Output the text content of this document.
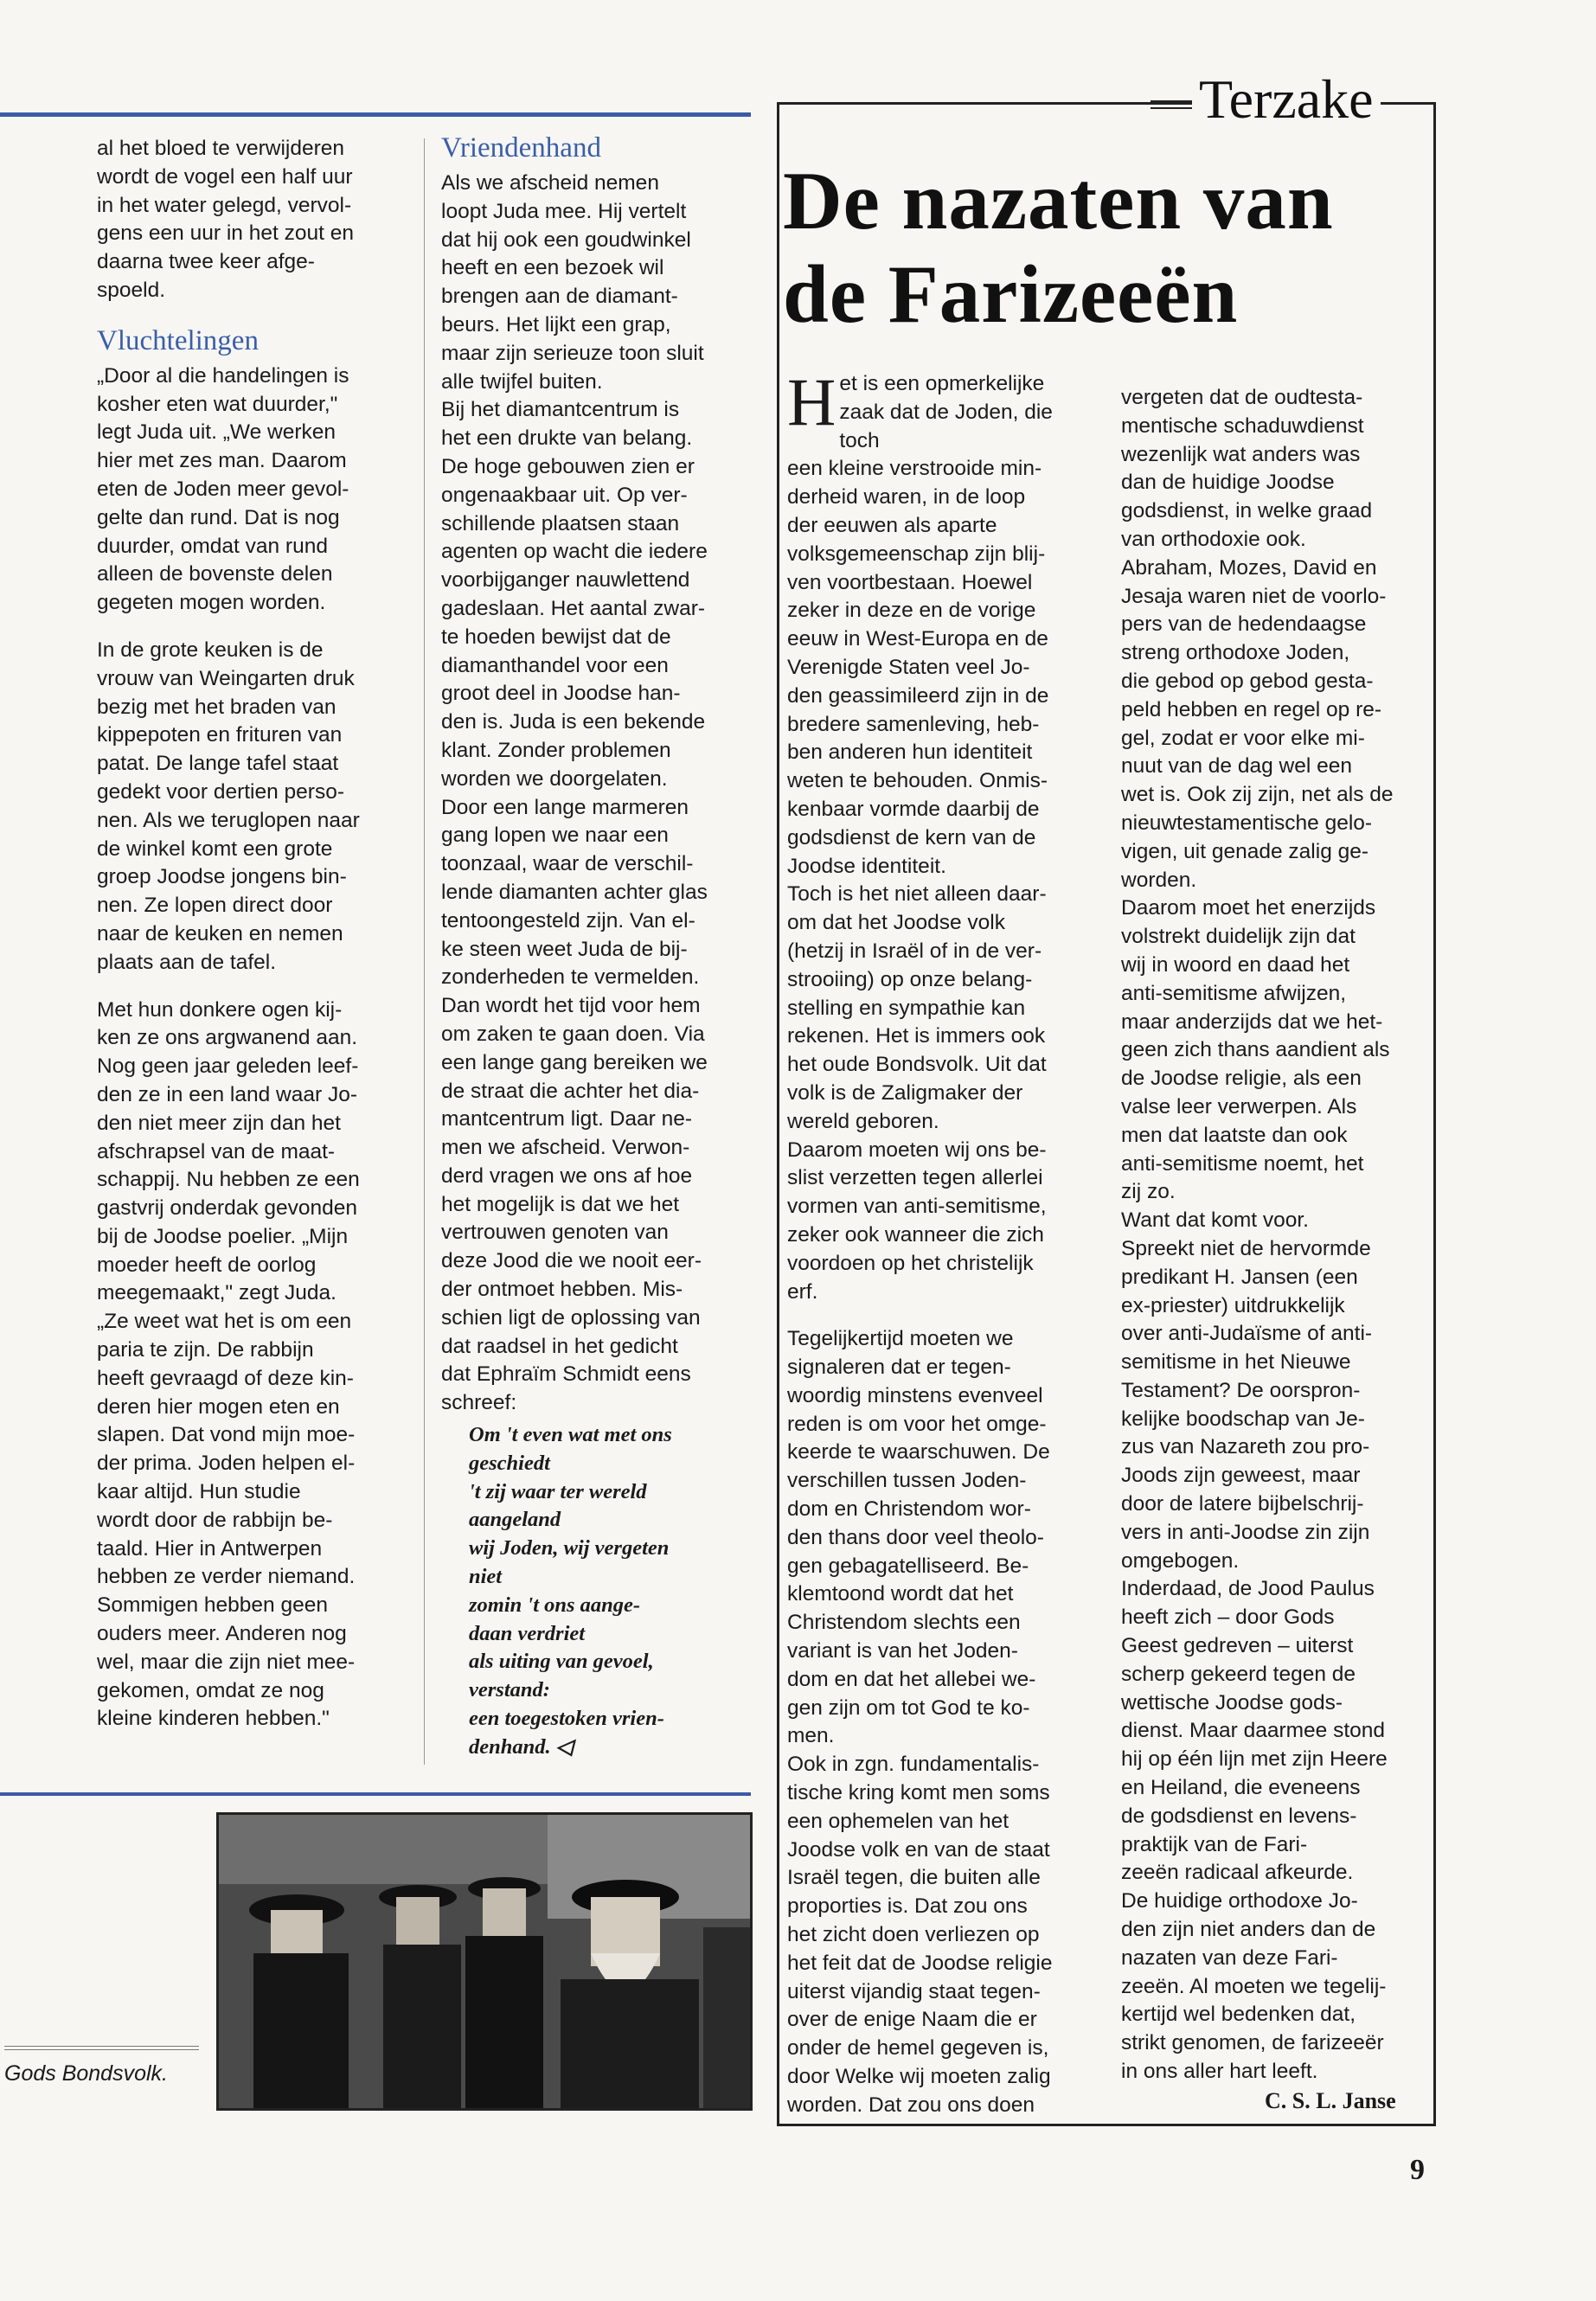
al het bloed te verwijderen
wordt de vogel een half uur
in het water gelegd, vervol-
gens een uur in het zout en
daarna twee keer afge-
spoeld.

Vluchtelingen

„Door al die handelingen is
kosher eten wat duurder,"
legt Juda uit. „We werken
hier met zes man. Daarom
eten de Joden meer gevol-
gelte dan rund. Dat is nog
duurder, omdat van rund
alleen de bovenste delen
gegeten mogen worden.

In de grote keuken is de
vrouw van Weingarten druk
bezig met het braden van
kippepoten en frituren van
patat. De lange tafel staat
gedekt voor dertien perso-
nen. Als we teruglopen naar
de winkel komt een grote
groep Joodse jongens bin-
nen. Ze lopen direct door
naar de keuken en nemen
plaats aan de tafel.

Met hun donkere ogen kij-
ken ze ons argwanend aan.
Nog geen jaar geleden leef-
den ze in een land waar Jo-
den niet meer zijn dan het
afschrapsel van de maat-
schappij. Nu hebben ze een
gastvrij onderdak gevonden
bij de Joodse poelier. „Mijn
moeder heeft de oorlog
meegemaakt," zegt Juda.
„Ze weet wat het is om een
paria te zijn. De rabbijn
heeft gevraagd of deze kin-
deren hier mogen eten en
slapen. Dat vond mijn moe-
der prima. Joden helpen el-
kaar altijd. Hun studie
wordt door de rabbijn be-
taald. Hier in Antwerpen
hebben ze verder niemand.
Sommigen hebben geen
ouders meer. Anderen nog
wel, maar die zijn niet mee-
gekomen, omdat ze nog
kleine kinderen hebben."

Vriendenhand

Als we afscheid nemen
loopt Juda mee. Hij vertelt
dat hij ook een goudwinkel
heeft en een bezoek wil
brengen aan de diamant-
beurs. Het lijkt een grap,
maar zijn serieuze toon sluit
alle twijfel buiten.
Bij het diamantcentrum is
het een drukte van belang.
De hoge gebouwen zien er
ongenaakbaar uit. Op ver-
schillende plaatsen staan
agenten op wacht die iedere
voorbijganger nauwlettend
gadeslaan. Het aantal zwar-
te hoeden bewijst dat de
diamanthandel voor een
groot deel in Joodse han-
den is. Juda is een bekende
klant. Zonder problemen
worden we doorgelaten.
Door een lange marmeren
gang lopen we naar een
toonzaal, waar de verschil-
lende diamanten achter glas
tentoongesteld zijn. Van el-
ke steen weet Juda de bij-
zonderheden te vermelden.
Dan wordt het tijd voor hem
om zaken te gaan doen. Via
een lange gang bereiken we
de straat die achter het dia-
mantcentrum ligt. Daar ne-
men we afscheid. Verwon-
derd vragen we ons af hoe
het mogelijk is dat we het
vertrouwen genoten van
deze Jood die we nooit eer-
der ontmoet hebben. Mis-
schien ligt de oplossing van
dat raadsel in het gedicht
dat Ephraïm Schmidt eens
schreef:

Om 't even wat met ons
geschiedt
't zij waar ter wereld
aangeland
wij Joden, wij vergeten
niet
zomin 't ons aange-
daan verdriet
als uiting van gevoel,
verstand:
een toegestoken vrien-
denhand. ◁
Gods Bondsvolk.
Terzake
De nazaten van
de Farizeeën

Het is een opmerkelijke
zaak dat de Joden, die toch
een kleine verstrooide min-
derheid waren, in de loop
der eeuwen als aparte
volksgemeenschap zijn blij-
ven voortbestaan. Hoewel
zeker in deze en de vorige
eeuw in West-Europa en de
Verenigde Staten veel Jo-
den geassimileerd zijn in de
bredere samenleving, heb-
ben anderen hun identiteit
weten te behouden. Onmis-
kenbaar vormde daarbij de
godsdienst de kern van de
Joodse identiteit.
Toch is het niet alleen daar-
om dat het Joodse volk
(hetzij in Israël of in de ver-
strooiing) op onze belang-
stelling en sympathie kan
rekenen. Het is immers ook
het oude Bondsvolk. Uit dat
volk is de Zaligmaker der
wereld geboren.
Daarom moeten wij ons be-
slist verzetten tegen allerlei
vormen van anti-semitisme,
zeker ook wanneer die zich
voordoen op het christelijk
erf.

Tegelijkertijd moeten we
signaleren dat er tegen-
woordig minstens evenveel
reden is om voor het omge-
keerde te waarschuwen. De
verschillen tussen Joden-
dom en Christendom wor-
den thans door veel theolo-
gen gebagatelliseerd. Be-
klemtoond wordt dat het
Christendom slechts een
variant is van het Joden-
dom en dat het allebei we-
gen zijn om tot God te ko-
men.
Ook in zgn. fundamentalis-
tische kring komt men soms
een ophemelen van het
Joodse volk en van de staat
Israël tegen, die buiten alle
proporties is. Dat zou ons
het zicht doen verliezen op
het feit dat de Joodse religie
uiterst vijandig staat tegen-
over de enige Naam die er
onder de hemel gegeven is,
door Welke wij moeten zalig
worden. Dat zou ons doen

vergeten dat de oudtesta-
mentische schaduwdienst
wezenlijk wat anders was
dan de huidige Joodse
godsdienst, in welke graad
van orthodoxie ook.
Abraham, Mozes, David en
Jesaja waren niet de voorlo-
pers van de hedendaagse
streng orthodoxe Joden,
die gebod op gebod gesta-
peld hebben en regel op re-
gel, zodat er voor elke mi-
nuut van de dag wel een
wet is. Ook zij zijn, net als de
nieuwtestamentische gelo-
vigen, uit genade zalig ge-
worden.
Daarom moet het enerzijds
volstrekt duidelijk zijn dat
wij in woord en daad het
anti-semitisme afwijzen,
maar anderzijds dat we het-
geen zich thans aandient als
de Joodse religie, als een
valse leer verwerpen. Als
men dat laatste dan ook
anti-semitisme noemt, het
zij zo.
Want dat komt voor.
Spreekt niet de hervormde
predikant H. Jansen (een
ex-priester) uitdrukkelijk
over anti-Judaïsme of anti-
semitisme in het Nieuwe
Testament? De oorspron-
kelijke boodschap van Je-
zus van Nazareth zou pro-
Joods zijn geweest, maar
door de latere bijbelschrij-
vers in anti-Joodse zin zijn
omgebogen.
Inderdaad, de Jood Paulus
heeft zich – door Gods
Geest gedreven – uiterst
scherp gekeerd tegen de
wettische Joodse gods-
dienst. Maar daarmee stond
hij op één lijn met zijn Heere
en Heiland, die eveneens
de godsdienst en levens-
praktijk van de Fari-
zeeën radicaal afkeurde.
De huidige orthodoxe Jo-
den zijn niet anders dan de
nazaten van deze Fari-
zeeën. Al moeten we tegelij-
kertijd wel bedenken dat,
strikt genomen, de farizeeër
in ons aller hart leeft.

C. S. L. Janse
9
